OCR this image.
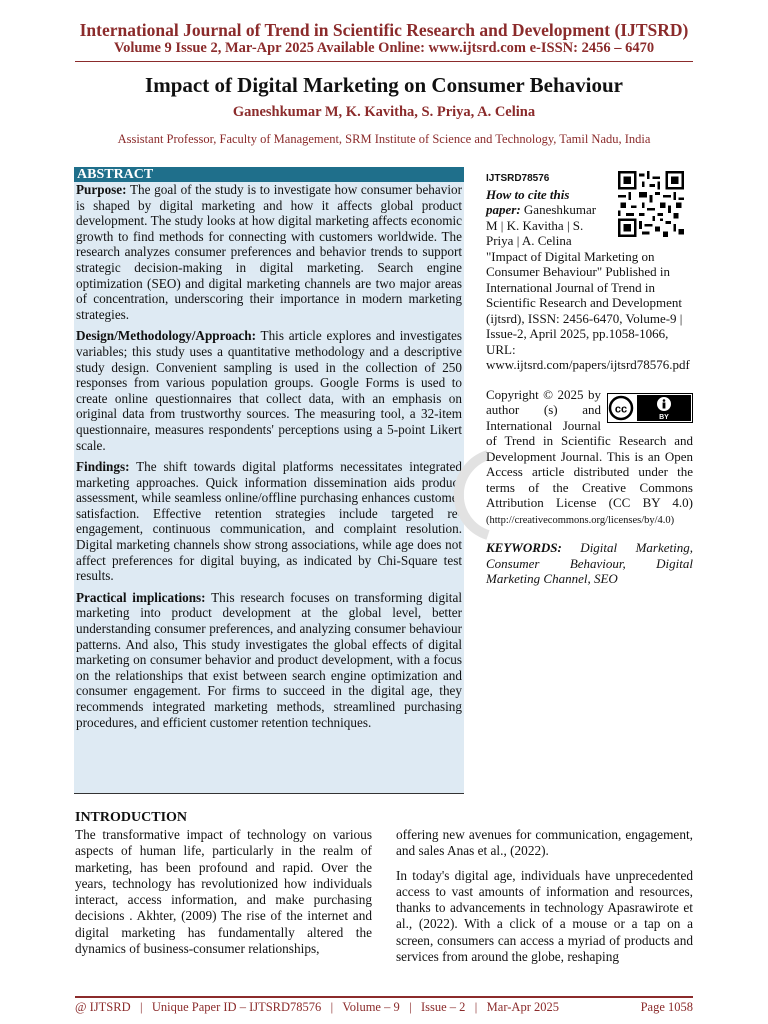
International Journal of Trend in Scientific Research and Development (IJTSRD)
Volume 9 Issue 2, Mar-Apr 2025 Available Online: www.ijtsrd.com e-ISSN: 2456 – 6470
Impact of Digital Marketing on Consumer Behaviour
Ganeshkumar M, K. Kavitha, S. Priya, A. Celina
Assistant Professor, Faculty of Management, SRM Institute of Science and Technology, Tamil Nadu, India
ABSTRACT

Purpose: The goal of the study is to investigate how consumer behavior is shaped by digital marketing and how it affects global product development. The study looks at how digital marketing affects economic growth to find methods for connecting with customers worldwide. The research analyzes consumer preferences and behavior trends to support strategic decision-making in digital marketing. Search engine optimization (SEO) and digital marketing channels are two major areas of concentration, underscoring their importance in modern marketing strategies.

Design/Methodology/Approach: This article explores and investigates variables; this study uses a quantitative methodology and a descriptive study design. Convenient sampling is used in the collection of 250 responses from various population groups. Google Forms is used to create online questionnaires that collect data, with an emphasis on original data from trustworthy sources. The measuring tool, a 32-item questionnaire, measures respondents' perceptions using a 5-point Likert scale.

Findings: The shift towards digital platforms necessitates integrated marketing approaches. Quick information dissemination aids product assessment, while seamless online/offline purchasing enhances customer satisfaction. Effective retention strategies include targeted re-engagement, continuous communication, and complaint resolution. Digital marketing channels show strong associations, while age does not affect preferences for digital buying, as indicated by Chi-Square test results.

Practical implications: This research focuses on transforming digital marketing into product development at the global level, better understanding consumer preferences, and analyzing consumer behaviour patterns. And also, This study investigates the global effects of digital marketing on consumer behavior and product development, with a focus on the relationships that exist between search engine optimization and consumer engagement. For firms to succeed in the digital age, they recommends integrated marketing methods, streamlined purchasing procedures, and efficient customer retention techniques.

IJTSRD78576
How to cite this paper: Ganeshkumar M | K. Kavitha | S. Priya | A. Celina "Impact of Digital Marketing on Consumer Behaviour" Published in International Journal of Trend in Scientific Research and Development (ijtsrd), ISSN: 2456-6470, Volume-9 | Issue-2, April 2025, pp.1058-1066, URL: www.ijtsrd.com/papers/ijtsrd78576.pdf

cc
BY
Copyright © 2025 by author (s) and International Journal of Trend in Scientific Research and Development Journal. This is an Open Access article distributed under the terms of the Creative Commons Attribution License (CC BY 4.0) (http://creativecommons.org/licenses/by/4.0)

KEYWORDS: Digital Marketing, Consumer Behaviour, Digital Marketing Channel, SEO

INTRODUCTION

The transformative impact of technology on various aspects of human life, particularly in the realm of marketing, has been profound and rapid. Over the years, technology has revolutionized how individuals interact, access information, and make purchasing decisions . Akhter, (2009) The rise of the internet and digital marketing has fundamentally altered the dynamics of business-consumer relationships,

offering new avenues for communication, engagement, and sales Anas et al., (2022).

In today's digital age, individuals have unprecedented access to vast amounts of information and resources, thanks to advancements in technology Apasrawirote et al., (2022). With a click of a mouse or a tap on a screen, consumers can access a myriad of products and services from around the globe, reshaping

@ IJTSRD   |   Unique Paper ID – IJTSRD78576   |   Volume – 9   |   Issue – 2   |   Mar-Apr 2025	Page 1058
